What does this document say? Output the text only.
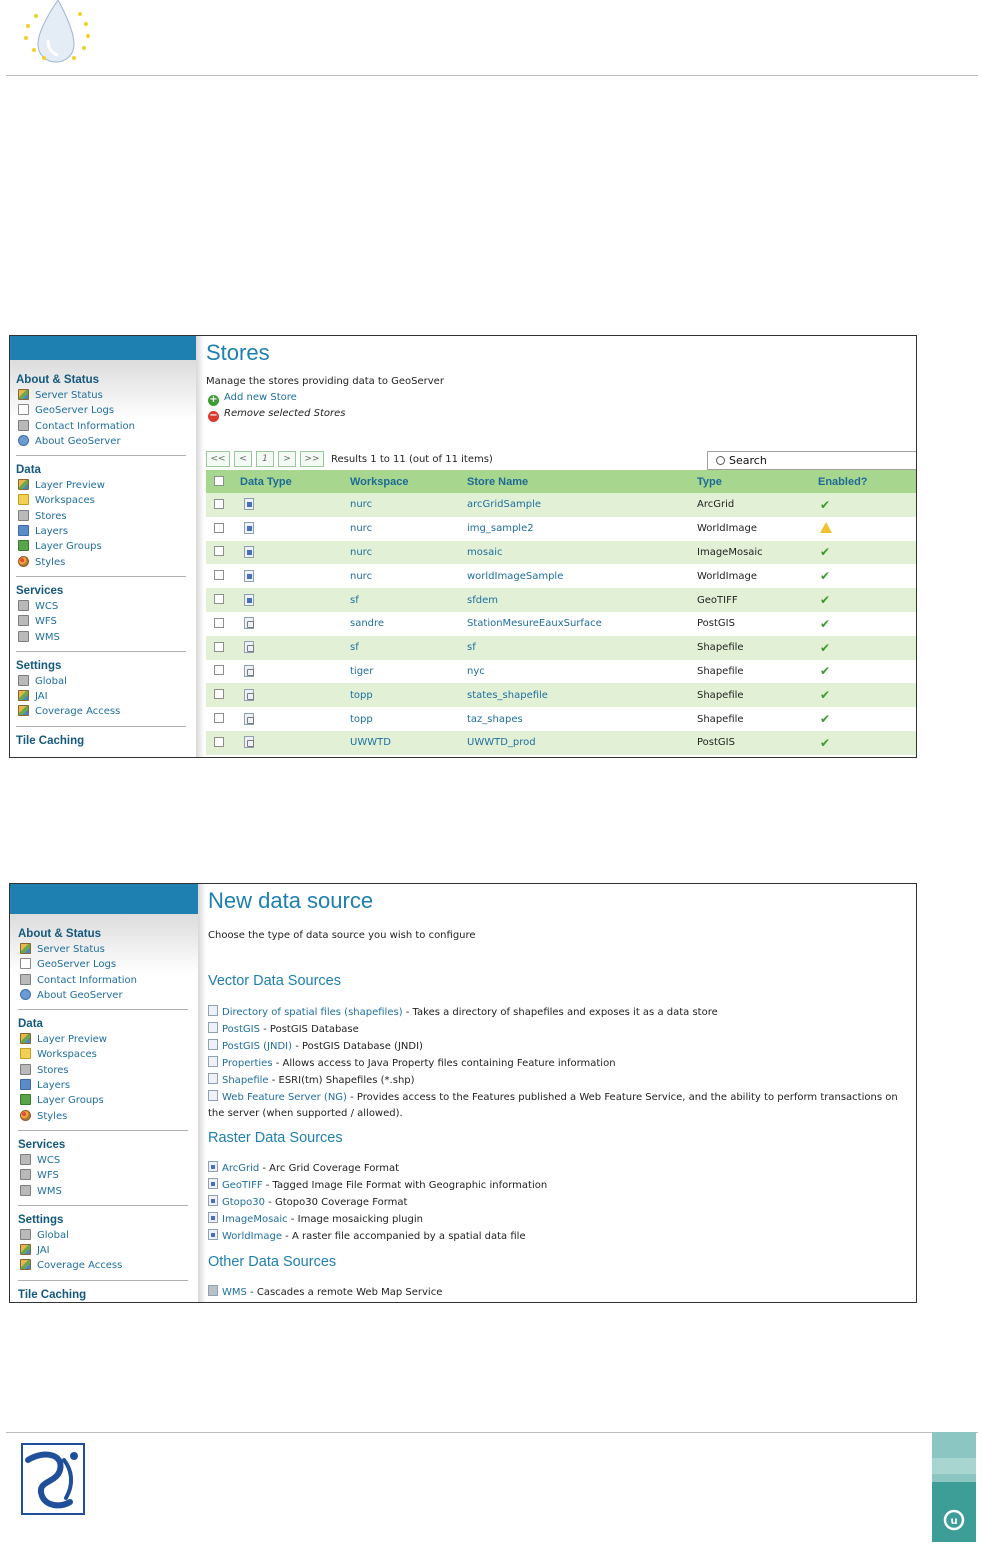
About & Status
Server Status
GeoServer Logs
Contact Information
About GeoServer
Data
Layer Preview
Workspaces
Stores
Layers
Layer Groups
Styles
Services
WCS
WFS
WMS
Settings
Global
JAI
Coverage Access
Tile Caching
Stores
Manage the stores providing data to GeoServer
+ Add new Store
− Remove selected Stores
<<	<	1	>	>>	Results 1 to 11 (out of 11 items)	Search
	Data Type	Workspace	Store Name	Type	Enabled?
		nurc	arcGridSample	ArcGrid	✔
		nurc	img_sample2	WorldImage	
		nurc	mosaic	ImageMosaic	✔
		nurc	worldImageSample	WorldImage	✔
		sf	sfdem	GeoTIFF	✔
		sandre	StationMesureEauxSurface	PostGIS	✔
		sf	sf	Shapefile	✔
		tiger	nyc	Shapefile	✔
		topp	states_shapefile	Shapefile	✔
		topp	taz_shapes	Shapefile	✔
		UWWTD	UWWTD_prod	PostGIS	✔
About & Status
Server Status
GeoServer Logs
Contact Information
About GeoServer
Data
Layer Preview
Workspaces
Stores
Layers
Layer Groups
Styles
Services
WCS
WFS
WMS
Settings
Global
JAI
Coverage Access
Tile Caching
New data source
Choose the type of data source you wish to configure
Vector Data Sources
Directory of spatial files (shapefiles) - Takes a directory of shapefiles and exposes it as a data store
PostGIS - PostGIS Database
PostGIS (JNDI) - PostGIS Database (JNDI)
Properties - Allows access to Java Property files containing Feature information
Shapefile - ESRI(tm) Shapefiles (*.shp)
Web Feature Server (NG) - Provides access to the Features published a Web Feature Service, and the ability to perform transactions on the server (when supported / allowed).
Raster Data Sources
ArcGrid - Arc Grid Coverage Format
GeoTIFF - Tagged Image File Format with Geographic information
Gtopo30 - Gtopo30 Coverage Format
ImageMosaic - Image mosaicking plugin
WorldImage - A raster file accompanied by a spatial data file
Other Data Sources
WMS - Cascades a remote Web Map Service
u
